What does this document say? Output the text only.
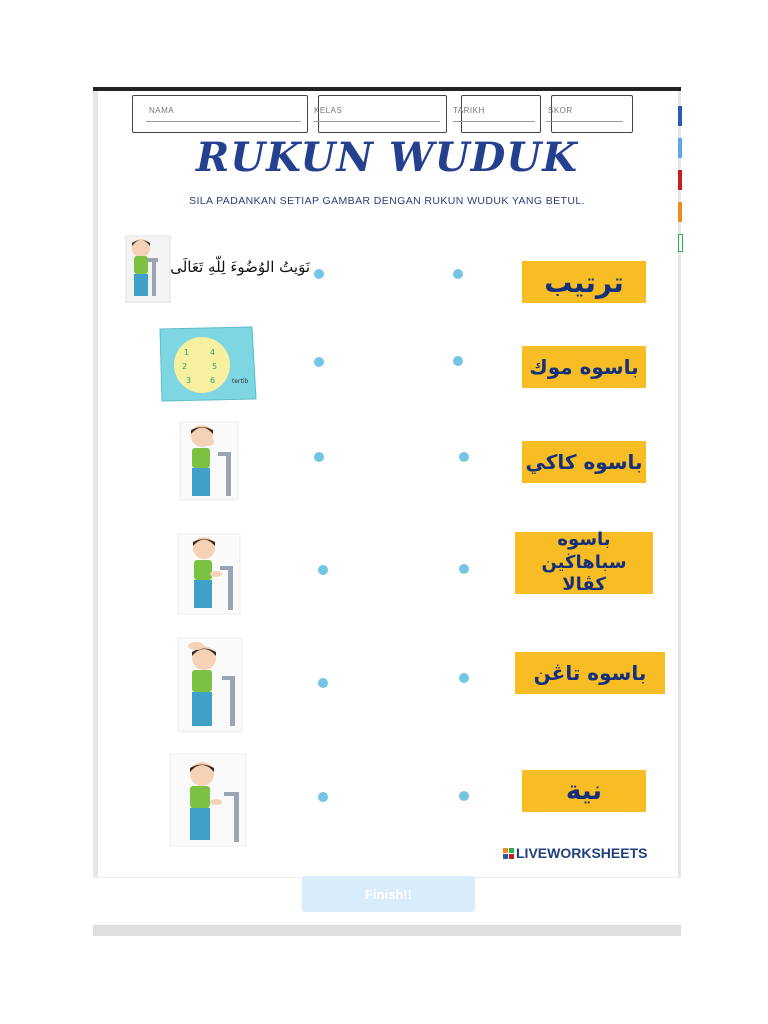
NAMA	KELAS	TARIKH	SKOR
RUKUN WUDUK
SILA PADANKAN SETIAP GAMBAR DENGAN RUKUN WUDUK YANG BETUL.
نَوَيتُ الوُضُوءَ لِلّهِ تَعَالَى
1	4
2	5
3 6	tertib
ترتيب
باسوه موك
باسوه كاكي
باسوه سباهاڬين كڤالا
باسوه تاڠن
نية
LIVEWORKSHEETS
Finish!!
